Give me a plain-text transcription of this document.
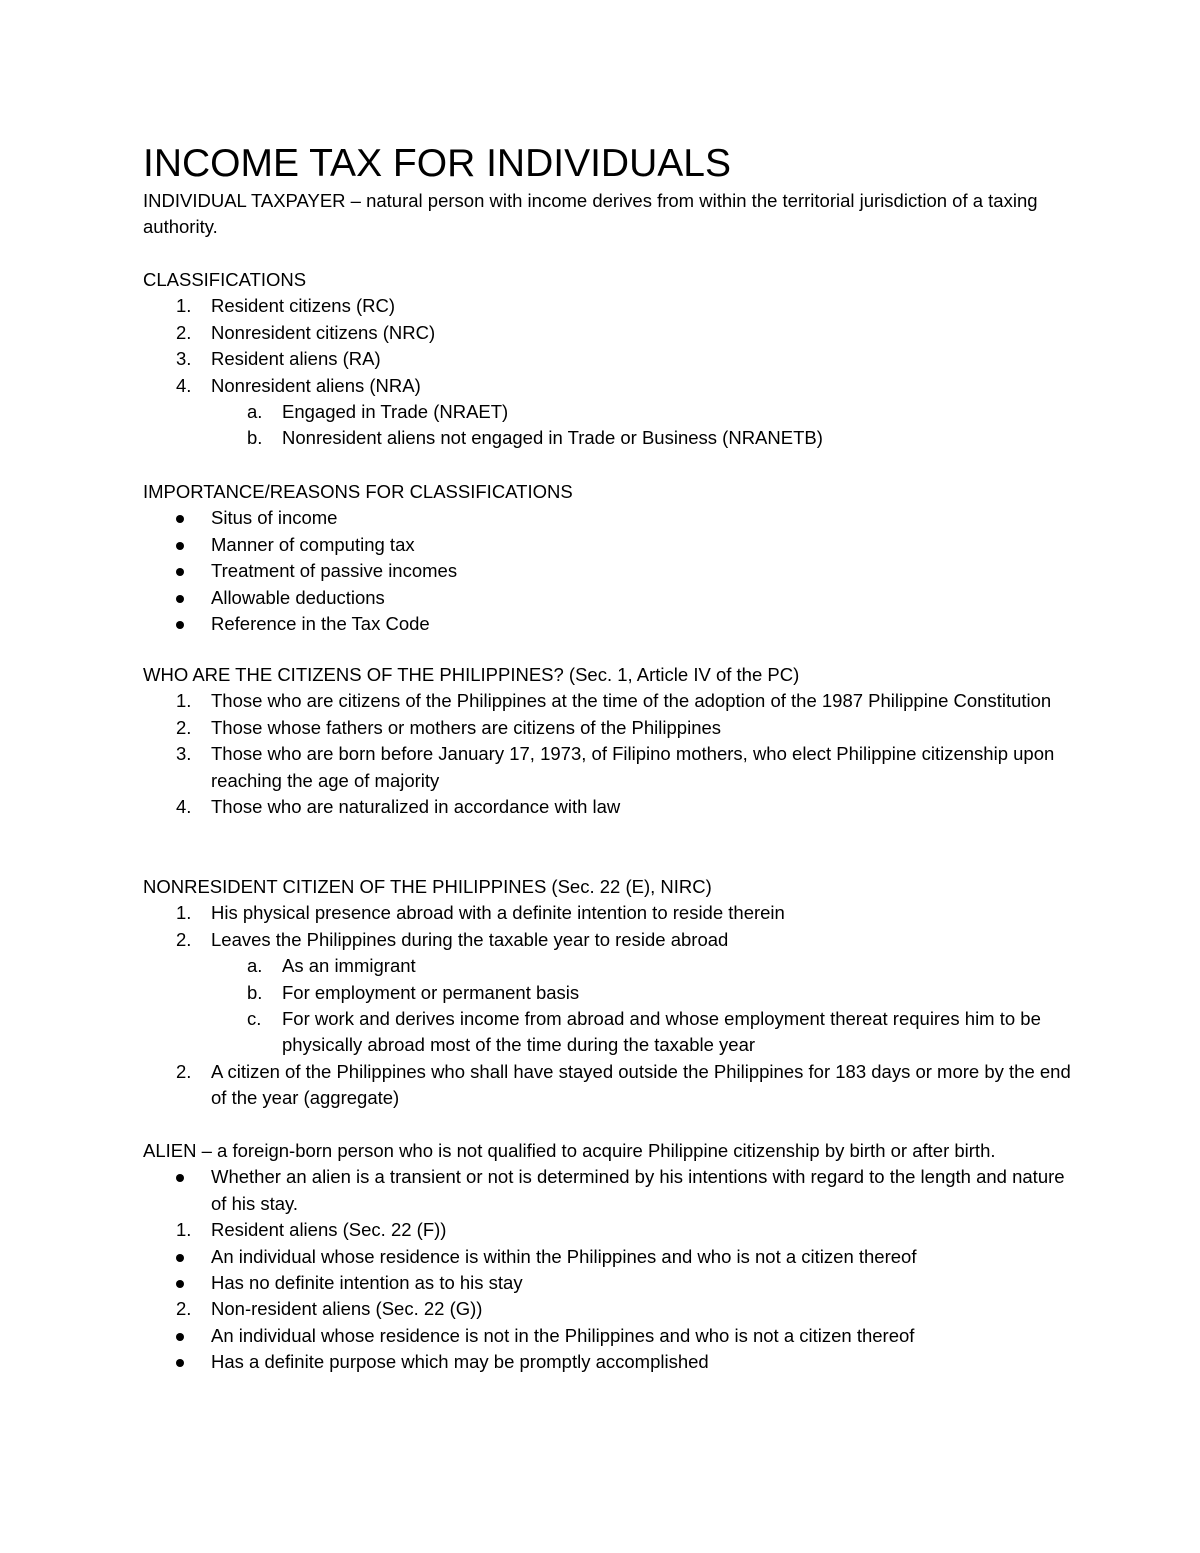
INCOME TAX FOR INDIVIDUALS

INDIVIDUAL TAXPAYER – natural person with income derives from within the territorial jurisdiction of a taxing authority.

CLASSIFICATIONS

1. Resident citizens (RC)
2. Nonresident citizens (NRC)
3. Resident aliens (RA)
4. Nonresident aliens (NRA)
a. Engaged in Trade (NRAET)
b. Nonresident aliens not engaged in Trade or Business (NRANETB)

IMPORTANCE/REASONS FOR CLASSIFICATIONS

Situs of income
Manner of computing tax
Treatment of passive incomes
Allowable deductions
Reference in the Tax Code

WHO ARE THE CITIZENS OF THE PHILIPPINES? (Sec. 1, Article IV of the PC)

1. Those who are citizens of the Philippines at the time of the adoption of the 1987 Philippine Constitution
2. Those whose fathers or mothers are citizens of the Philippines
3. Those who are born before January 17, 1973, of Filipino mothers, who elect Philippine citizenship upon reaching the age of majority
4. Those who are naturalized in accordance with law

NONRESIDENT CITIZEN OF THE PHILIPPINES (Sec. 22 (E), NIRC)

1. His physical presence abroad with a definite intention to reside therein
2. Leaves the Philippines during the taxable year to reside abroad
a. As an immigrant
b. For employment or permanent basis
c. For work and derives income from abroad and whose employment thereat requires him to be physically abroad most of the time during the taxable year
2. A citizen of the Philippines who shall have stayed outside the Philippines for 183 days or more by the end of the year (aggregate)

ALIEN – a foreign-born person who is not qualified to acquire Philippine citizenship by birth or after birth.

Whether an alien is a transient or not is determined by his intentions with regard to the length and nature of his stay.
1. Resident aliens (Sec. 22 (F))
An individual whose residence is within the Philippines and who is not a citizen thereof
Has no definite intention as to his stay
2. Non-resident aliens (Sec. 22 (G))
An individual whose residence is not in the Philippines and who is not a citizen thereof
Has a definite purpose which may be promptly accomplished
